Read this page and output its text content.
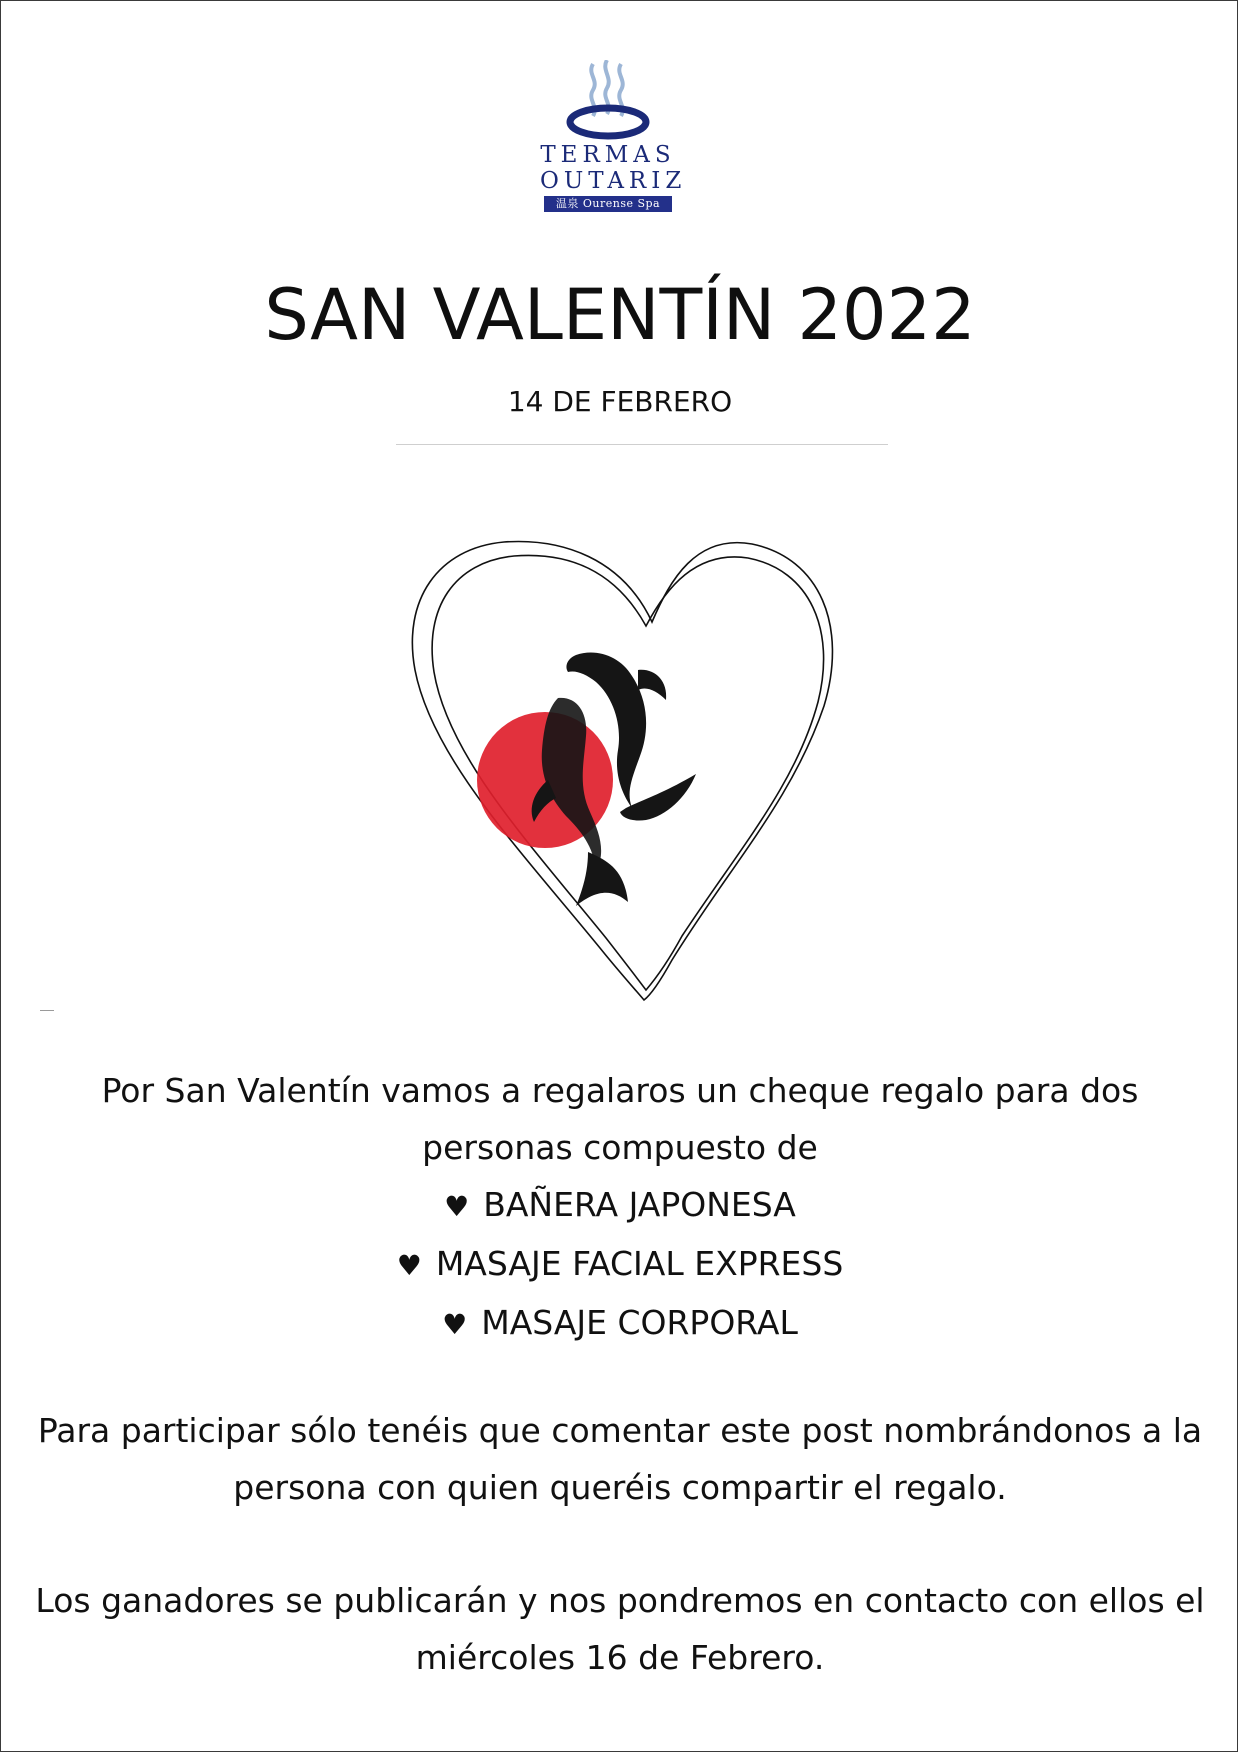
TERMAS
OUTARIZ
温泉 Ourense Spa
SAN VALENTÍN 2022
14 DE FEBRERO
Por San Valentín vamos a regalaros un cheque regalo para dos
personas compuesto de
♥ BAÑERA JAPONESA
♥ MASAJE FACIAL EXPRESS
♥ MASAJE CORPORAL
Para participar sólo tenéis que comentar este post nombrándonos a la
persona con quien queréis compartir el regalo.
Los ganadores se publicarán y nos pondremos en contacto con ellos el
miércoles 16 de Febrero.
